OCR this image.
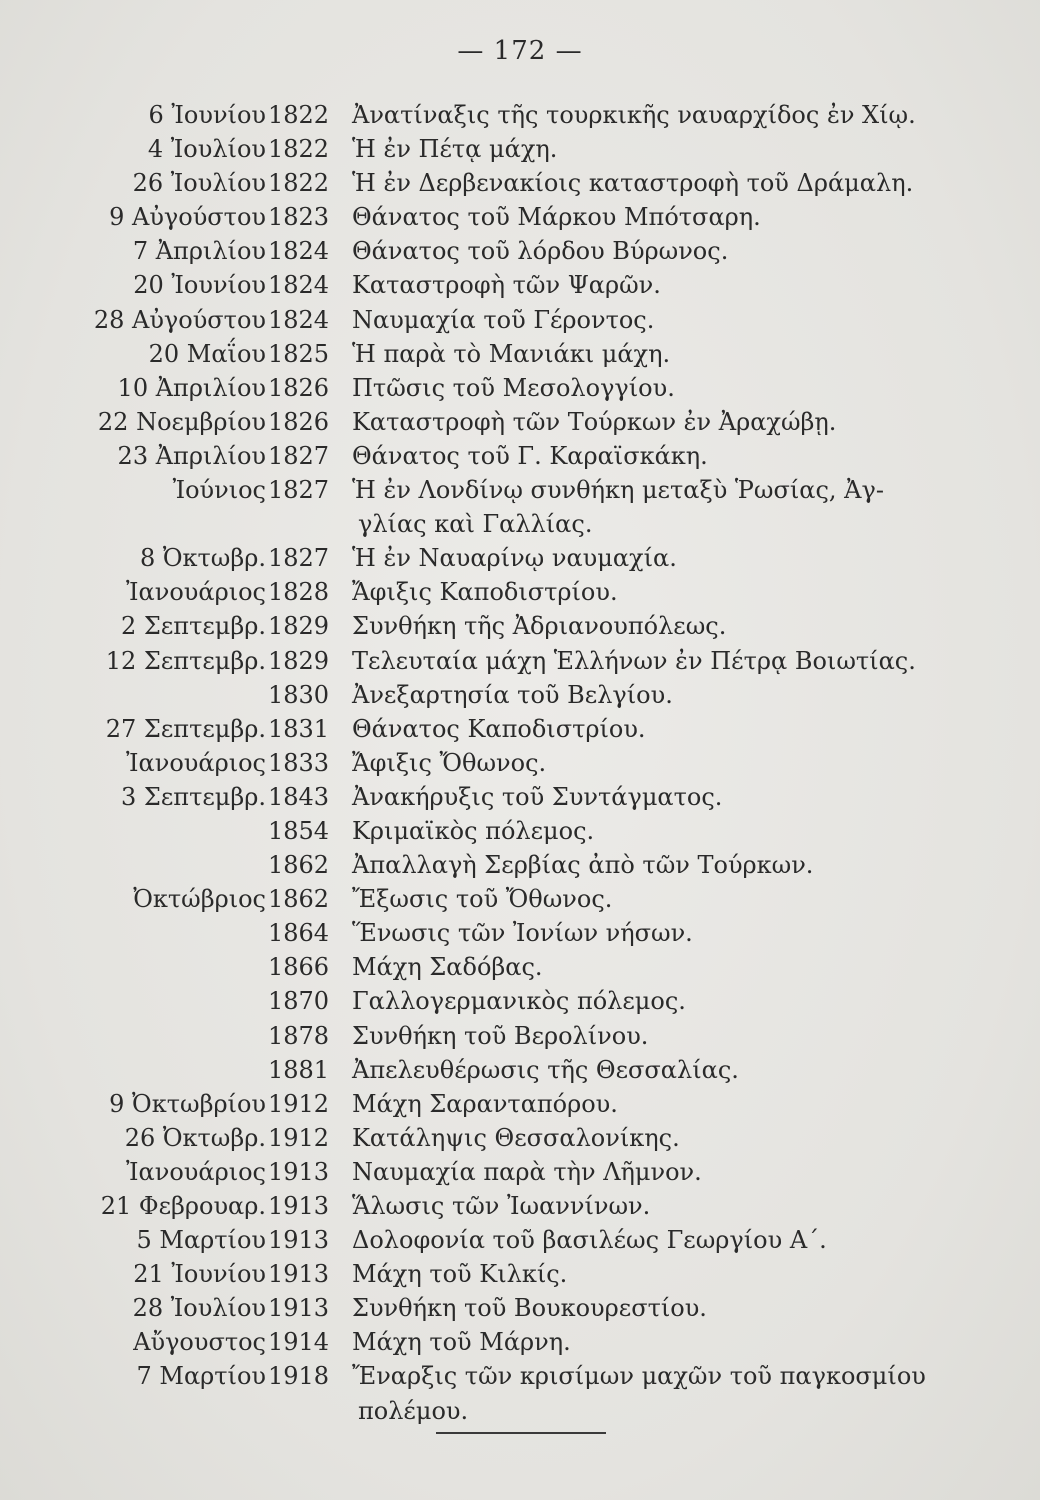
— 172 —
6 Ἰουνίου 1822 Ἀνατίναξις τῆς τουρκικῆς ναυαρχίδος ἐν Χίῳ.
4 Ἰουλίου 1822 Ἡ ἐν Πέτᾳ μάχη.
26 Ἰουλίου 1822 Ἡ ἐν Δερβενακίοις καταστροφὴ τοῦ Δράμαλη.
9 Αὐγούστου 1823 Θάνατος τοῦ Μάρκου Μπότσαρη.
7 Ἀπριλίου 1824 Θάνατος τοῦ λόρδου Βύρωνος.
20 Ἰουνίου 1824 Καταστροφὴ τῶν Ψαρῶν.
28 Αὐγούστου 1824 Ναυμαχία τοῦ Γέροντος.
20 Μαΐου 1825 Ἡ παρὰ τὸ Μανιάκι μάχη.
10 Ἀπριλίου 1826 Πτῶσις τοῦ Μεσολογγίου.
22 Νοεμβρίου 1826 Καταστροφὴ τῶν Τούρκων ἐν Ἀραχώβῃ.
23 Ἀπριλίου 1827 Θάνατος τοῦ Γ. Καραϊσκάκη.
Ἰούνιος 1827 Ἡ ἐν Λονδίνῳ συνθήκη μεταξὺ Ῥωσίας, Ἀγ-
γλίας καὶ Γαλλίας.
8 Ὀκτωβρ. 1827 Ἡ ἐν Ναυαρίνῳ ναυμαχία.
Ἰανουάριος 1828 Ἄφιξις Καποδιστρίου.
2 Σεπτεμβρ. 1829 Συνθήκη τῆς Ἀδριανουπόλεως.
12 Σεπτεμβρ. 1829 Τελευταία μάχη Ἑλλήνων ἐν Πέτρᾳ Βοιωτίας.
1830 Ἀνεξαρτησία τοῦ Βελγίου.
27 Σεπτεμβρ. 1831 Θάνατος Καποδιστρίου.
Ἰανουάριος 1833 Ἄφιξις Ὄθωνος.
3 Σεπτεμβρ. 1843 Ἀνακήρυξις τοῦ Συντάγματος.
1854 Κριμαϊκὸς πόλεμος.
1862 Ἀπαλλαγὴ Σερβίας ἀπὸ τῶν Τούρκων.
Ὀκτώβριος 1862 Ἔξωσις τοῦ Ὄθωνος.
1864 Ἕνωσις τῶν Ἰονίων νήσων.
1866 Μάχη Σαδόβας.
1870 Γαλλογερμανικὸς πόλεμος.
1878 Συνθήκη τοῦ Βερολίνου.
1881 Ἀπελευθέρωσις τῆς Θεσσαλίας.
9 Ὀκτωβρίου 1912 Μάχη Σαρανταπόρου.
26 Ὀκτωβρ. 1912 Κατάληψις Θεσσαλονίκης.
Ἰανουάριος 1913 Ναυμαχία παρὰ τὴν Λῆμνον.
21 Φεβρουαρ. 1913 Ἅλωσις τῶν Ἰωαννίνων.
5 Μαρτίου 1913 Δολοφονία τοῦ βασιλέως Γεωργίου Α΄.
21 Ἰουνίου 1913 Μάχη τοῦ Κιλκίς.
28 Ἰουλίου 1913 Συνθήκη τοῦ Βουκουρεστίου.
Αὔγουστος 1914 Μάχη τοῦ Μάρνη.
7 Μαρτίου 1918 Ἔναρξις τῶν κρισίμων μαχῶν τοῦ παγκοσμίου
πολέμου.
